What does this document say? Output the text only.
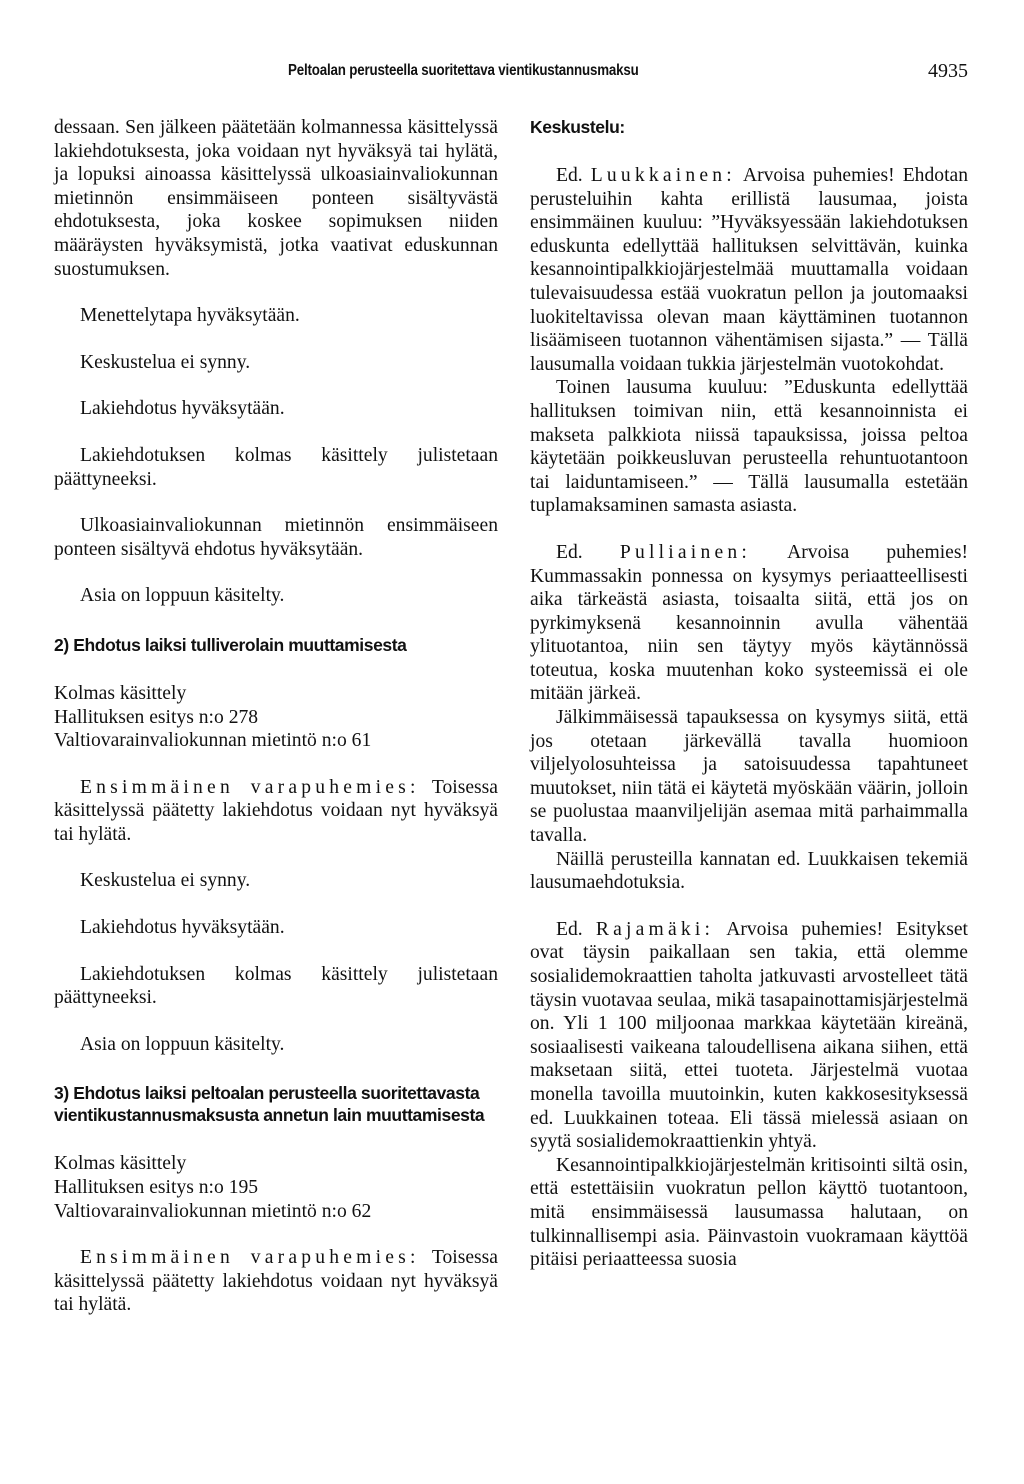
Peltoalan perusteella suoritettava vientikustannusmaksu	4935

dessaan. Sen jälkeen päätetään kolmannessa käsittelyssä lakiehdotuksesta, joka voidaan nyt hyväksyä tai hylätä, ja lopuksi ainoassa käsittelyssä ulkoasiainvaliokunnan mietinnön ensimmäiseen ponteen sisältyvästä ehdotuksesta, joka koskee sopimuksen niiden määräysten hyväksymistä, jotka vaativat eduskunnan suostumuksen.

Menettelytapa hyväksytään.

Keskustelua ei synny.

Lakiehdotus hyväksytään.

Lakiehdotuksen kolmas käsittely julistetaan päättyneeksi.

Ulkoasiainvaliokunnan mietinnön ensimmäiseen ponteen sisältyvä ehdotus hyväksytään.

Asia on loppuun käsitelty.

2) Ehdotus laiksi tulliverolain muuttamisesta

Kolmas käsittely
Hallituksen esitys n:o 278
Valtiovarainvaliokunnan mietintö n:o 61

Ensimmäinen varapuhemies: Toisessa käsittelyssä päätetty lakiehdotus voidaan nyt hyväksyä tai hylätä.

Keskustelua ei synny.

Lakiehdotus hyväksytään.

Lakiehdotuksen kolmas käsittely julistetaan päättyneeksi.

Asia on loppuun käsitelty.

3) Ehdotus laiksi peltoalan perusteella suoritettavasta vientikustannusmaksusta annetun lain muuttamisesta

Kolmas käsittely
Hallituksen esitys n:o 195
Valtiovarainvaliokunnan mietintö n:o 62

Ensimmäinen varapuhemies: Toisessa käsittelyssä päätetty lakiehdotus voidaan nyt hyväksyä tai hylätä.

Keskustelu:

Ed. Luukkainen: Arvoisa puhemies! Ehdotan perusteluihin kahta erillistä lausumaa, joista ensimmäinen kuuluu: ”Hyväksyessään lakiehdotuksen eduskunta edellyttää hallituksen selvittävän, kuinka kesannointipalkkiojärjestelmää muuttamalla voidaan tulevaisuudessa estää vuokratun pellon ja joutomaaksi luokiteltavissa olevan maan käyttäminen tuotannon lisäämiseen tuotannon vähentämisen sijasta.” — Tällä lausumalla voidaan tukkia järjestelmän vuotokohdat.

Toinen lausuma kuuluu: ”Eduskunta edellyttää hallituksen toimivan niin, että kesannoinnista ei makseta palkkiota niissä tapauksissa, joissa peltoa käytetään poikkeusluvan perusteella rehuntuotantoon tai laiduntamiseen.” — Tällä lausumalla estetään tuplamaksaminen samasta asiasta.

Ed. Pulliainen: Arvoisa puhemies! Kummassakin ponnessa on kysymys periaatteellisesti aika tärkeästä asiasta, toisaalta siitä, että jos on pyrkimyksenä kesannoinnin avulla vähentää ylituotantoa, niin sen täytyy myös käytännössä toteutua, koska muutenhan koko systeemissä ei ole mitään järkeä.

Jälkimmäisessä tapauksessa on kysymys siitä, että jos otetaan järkevällä tavalla huomioon viljelyolosuhteissa ja satoisuudessa tapahtuneet muutokset, niin tätä ei käytetä myöskään väärin, jolloin se puolustaa maanviljelijän asemaa mitä parhaimmalla tavalla.

Näillä perusteilla kannatan ed. Luukkaisen tekemiä lausumaehdotuksia.

Ed. Rajamäki: Arvoisa puhemies! Esitykset ovat täysin paikallaan sen takia, että olemme sosialidemokraattien taholta jatkuvasti arvostelleet tätä täysin vuotavaa seulaa, mikä tasapainottamisjärjestelmä on. Yli 1 100 miljoonaa markkaa käytetään kireänä, sosiaalisesti vaikeana taloudellisena aikana siihen, että maksetaan siitä, ettei tuoteta. Järjestelmä vuotaa monella tavoilla muutoinkin, kuten kakkosesityksessä ed. Luukkainen toteaa. Eli tässä mielessä asiaan on syytä sosialidemokraattienkin yhtyä.

Kesannointipalkkiojärjestelmän kritisointi siltä osin, että estettäisiin vuokratun pellon käyttö tuotantoon, mitä ensimmäisessä lausumassa halutaan, on tulkinnallisempi asia. Päinvastoin vuokramaan käyttöä pitäisi periaatteessa suosia
